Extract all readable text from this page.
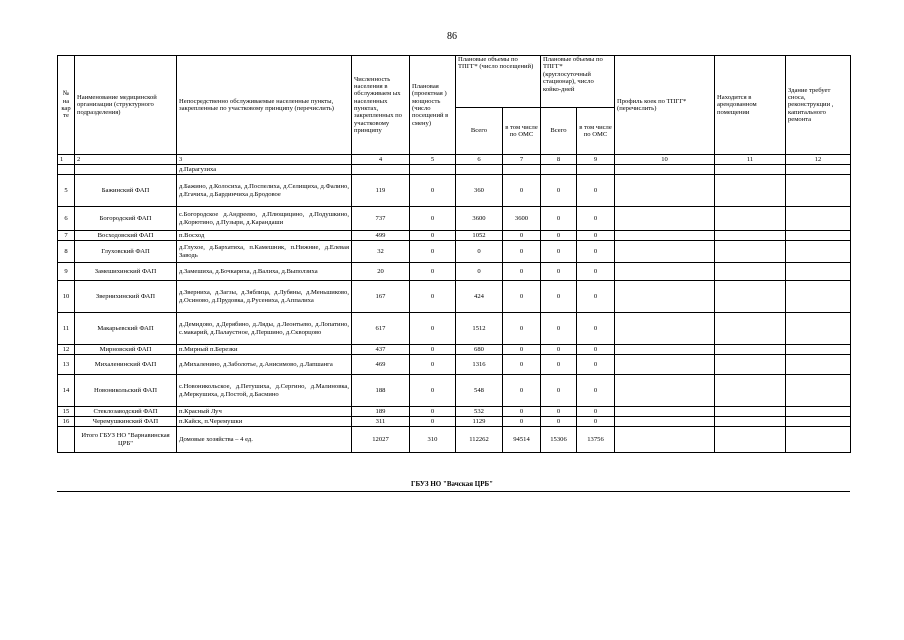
86
№ на кар те	Наименование медицинской организации (структурного подразделения)	Непосредственно обслуживаемые населенные пункты, закрепленные по участковому принципу (перечислить)	Численность населения в обслуживаем ых населенных пунктах, закрепленных по участковому принципу	Плановая (проектная ) мощность (число посещений в смену)	Плановые объемы по ТПГГ* (число посещений)		Плановые объемы по ТПГГ* (круглосуточный стационар), число койко-дней		Профиль коек по ТПГГ* (перечислить)	Находится в арендованном помещении	Здание требует сноса, реконструкции , капитального ремонта
					Всего	в том числе по ОМС	Всего	в том числе по ОМС			
1	2	3	4	5	6	7	8	9	10	11	12
		д.Парагузиха									
5	Бажинский ФАП	д.Бажино, д.Колосиха, д.Поспелиха, д.Селищиха, д.Фалино, д.Егачиха, д.Бардинчиха д.Бродовое	119	0	360	0	0	0			
6	Богородский ФАП	с.Богородское д.Андреево, д.Плющицино, д.Подушкино, д.Корютино, д.Пузыри, д.Карандаши	737	0	3600	3600	0	0			
7	Восходовский ФАП	п.Восход	499	0	1052	0	0	0			
8	Глуховский ФАП	д.Глухое, д.Бархатиха, п.Камешник, п.Нижние, д.Елевая Заводь	32	0	0	0	0	0			
9	Замешихинский ФАП	д.Замешиха, д.Бочкариха, д.Валиха, д.Выползиха	20	0	0	0	0	0			
10	Звернихинский ФАП	д.Зверниха, д.Загзы, д.Зяблица, д.Лубяны, д.Меньшиково, д.Осиново, д.Прудовка, д.Русениха, д.Аппалиха	167	0	424	0	0	0			
11	Макарьевский ФАП	д.Демидово, д.Дерябино, д.Ляды, д.Леонтьево, д.Лопатино, с.макарий, д.Палаустное, д.Першино, д.Скворцово	617	0	1512	0	0	0			
12	Мирновский ФАП	п.Мирный п.Березки	437	0	680	0	0	0			
13	Михаленинский ФАП	д.Михаленино, д.Заболотье, д.Анисимово, д.Лапшанга	469	0	1316	0	0	0			
14	Новоникольский ФАП	с.Новоникольское, д.Петушиха, д.Сергино, д.Малиновка, д.Меркушиха, д.Постой, д.Басмино	188	0	548	0	0	0			
15	Стеклозаводский ФАП	п.Красный Луч	189	0	532	0	0	0			
16	Черемушкинский ФАП	п.Кайск, п.Черемушки	311	0	1129	0	0	0			
	Итого ГБУЗ НО "Варнавинская ЦРБ"	Домовые хозяйства – 4 ед.	12027	310	112262	94514	15306	13756			
ГБУЗ НО "Вачская ЦРБ"
